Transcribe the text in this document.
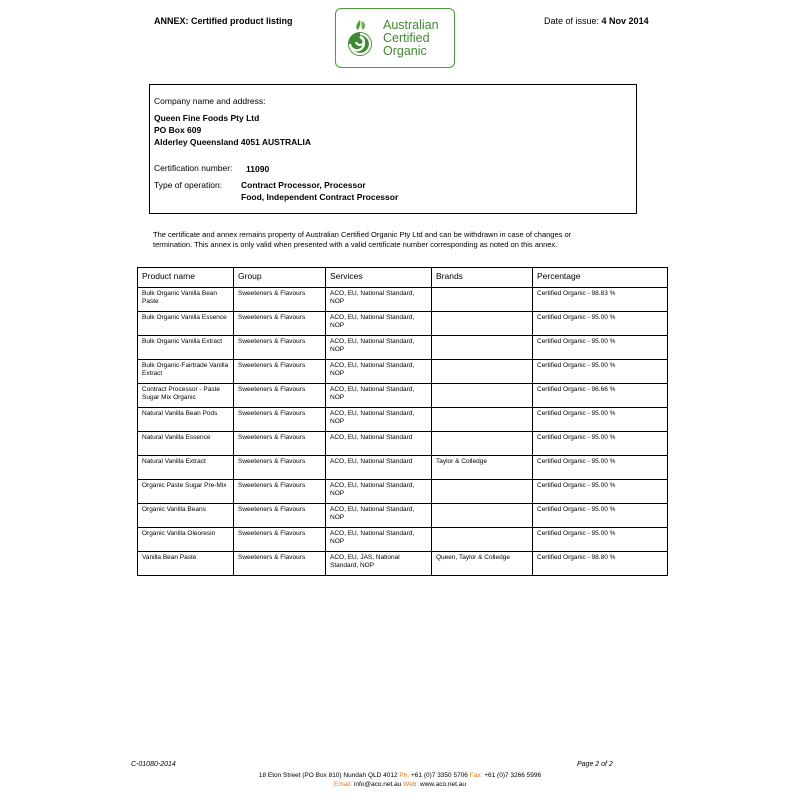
ANNEX: Certified product listing	Australian
Certified
Organic
Date of issue: 4 Nov 2014
Company name and address:
Queen Fine Foods Pty Ltd
PO Box 609
Alderley Queensland 4051 AUSTRALIA
Certification number: 11090
Type of operation: Contract Processor, Processor
Food, Independent Contract Processor
The certificate and annex remains property of Australian Certified Organic Pty Ltd and can be withdrawn in case of changes or
termination. This annex is only valid when presented with a valid certificate number corresponding as noted on this annex.
Product name	Group	Services	Brands	Percentage
Bulk Organic Vanilla Bean Paste	Sweeteners & Flavours	ACO, EU, National Standard, NOP		Certified Organic - 98.83 %
Bulk Organic Vanilla Essence	Sweeteners & Flavours	ACO, EU, National Standard, NOP		Certified Organic - 95.00 %
Bulk Organic Vanilla Extract	Sweeteners & Flavours	ACO, EU, National Standard, NOP		Certified Organic - 95.00 %
Bulk Organic-Fairtrade Vanilla Extract	Sweeteners & Flavours	ACO, EU, National Standard, NOP		Certified Organic - 95.00 %
Contract Processor - Paste Sugar Mix Organic	Sweeteners & Flavours	ACO, EU, National Standard, NOP		Certified Organic - 96.66 %
Natural Vanilla Bean Pods	Sweeteners & Flavours	ACO, EU, National Standard, NOP		Certified Organic - 95.00 %
Natural Vanilla Essence	Sweeteners & Flavours	ACO, EU, National Standard		Certified Organic - 95.00 %
Natural Vanilla Extract	Sweeteners & Flavours	ACO, EU, National Standard	Taylor & Colledge	Certified Organic - 95.00 %
Organic Paste Sugar Pre-Mix	Sweeteners & Flavours	ACO, EU, National Standard, NOP		Certified Organic - 95.00 %
Organic Vanilla Beans	Sweeteners & Flavours	ACO, EU, National Standard, NOP		Certified Organic - 95.00 %
Organic Vanilla Oleoresin	Sweeteners & Flavours	ACO, EU, National Standard, NOP		Certified Organic - 95.00 %
Vanilla Bean Paste	Sweeteners & Flavours	ACO, EU, JAS, National Standard, NOP	Queen, Taylor & Colledge	Certified Organic - 98.80 %
C-01080-2014	Page 2 of 2
18 Eton Street (PO Box 810) Nundah QLD 4012 Ph: +61 (0)7 3350 5706 Fax: +61 (0)7 3266 5996
Email: info@aco.net.au Web: www.aco.net.au
